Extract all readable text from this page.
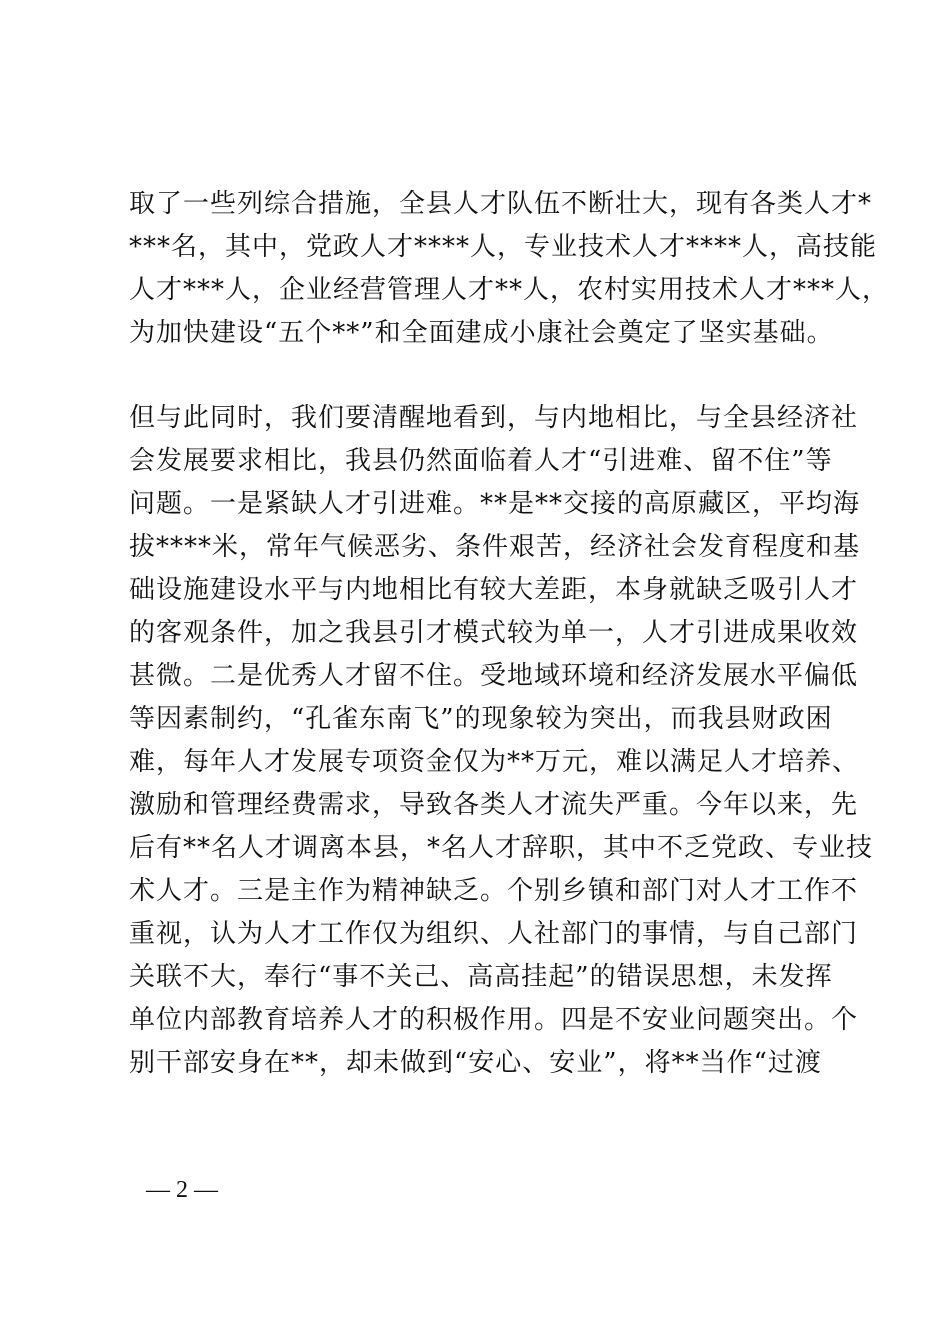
取了一些列综合措施，全县人才队伍不断壮大，现有各类人才*
***名，其中，党政人才****人，专业技术人才****人，高技能
人才***人，企业经营管理人才**人，农村实用技术人才***人，
为加快建设“五个**”和全面建成小康社会奠定了坚实基础。
但与此同时，我们要清醒地看到，与内地相比，与全县经济社
会发展要求相比，我县仍然面临着人才“引进难、留不住”等
问题。一是紧缺人才引进难。**是**交接的高原藏区，平均海
拔****米，常年气候恶劣、条件艰苦，经济社会发育程度和基
础设施建设水平与内地相比有较大差距，本身就缺乏吸引人才
的客观条件，加之我县引才模式较为单一，人才引进成果收效
甚微。二是优秀人才留不住。受地域环境和经济发展水平偏低
等因素制约，“孔雀东南飞”的现象较为突出，而我县财政困
难，每年人才发展专项资金仅为**万元，难以满足人才培养、
激励和管理经费需求，导致各类人才流失严重。今年以来，先
后有**名人才调离本县，*名人才辞职，其中不乏党政、专业技
术人才。三是主作为精神缺乏。个别乡镇和部门对人才工作不
重视，认为人才工作仅为组织、人社部门的事情，与自己部门
关联不大，奉行“事不关己、高高挂起”的错误思想，未发挥
单位内部教育培养人才的积极作用。四是不安业问题突出。个
别干部安身在**，却未做到“安心、安业”，将**当作“过渡
— 2 —
